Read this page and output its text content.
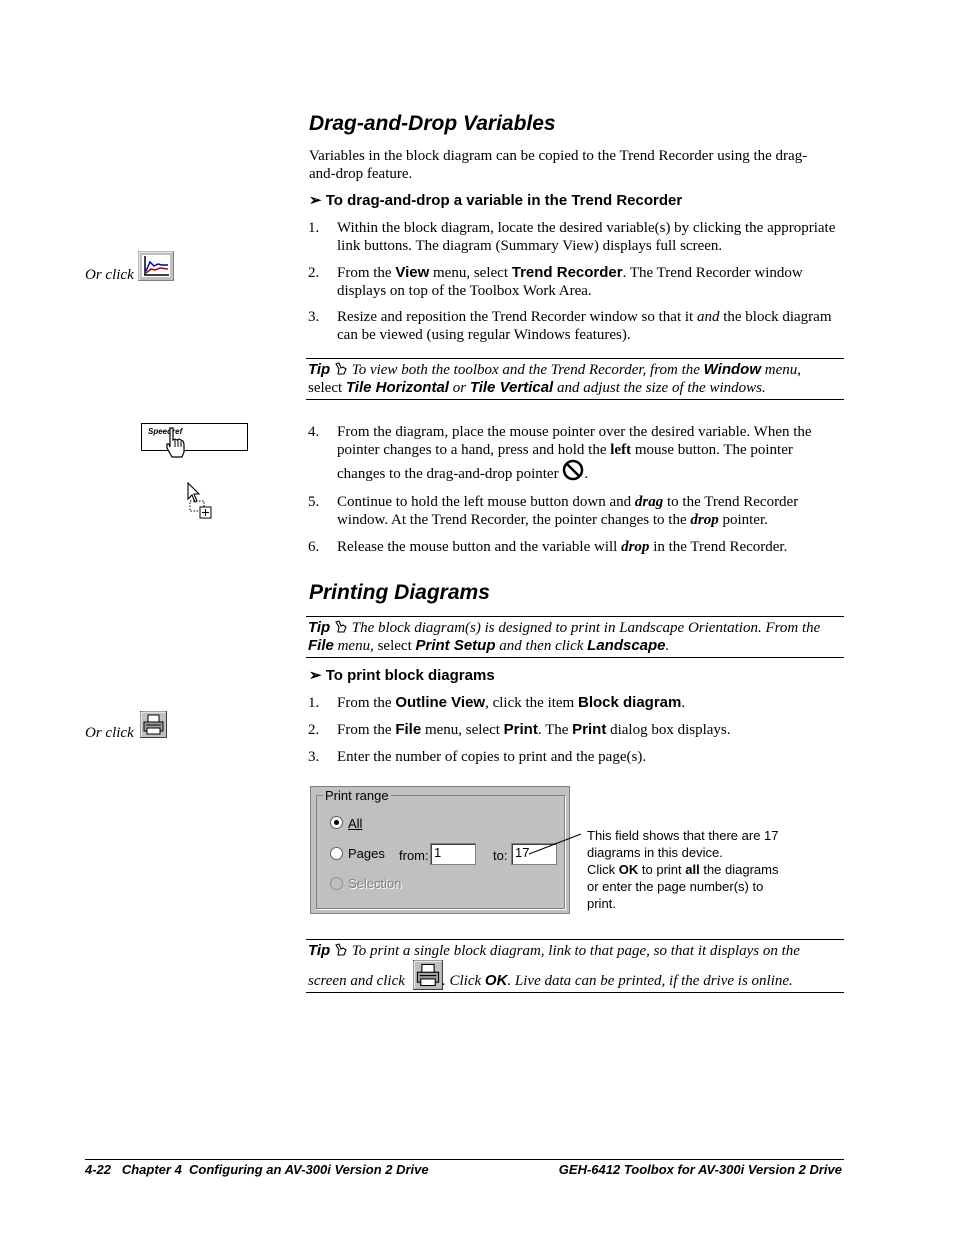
Drag-and-Drop Variables
Variables in the block diagram can be copied to the Trend Recorder using the drag-and-drop feature.
➢ To drag-and-drop a variable in the Trend Recorder
1. Within the block diagram, locate the desired variable(s) by clicking the appropriate link buttons. The diagram (Summary View) displays full screen.
2. From the View menu, select Trend Recorder. The Trend Recorder window displays on top of the Toolbox Work Area.
3. Resize and reposition the Trend Recorder window so that it and the block diagram can be viewed (using regular Windows features).
Or click
Tip  To view both the toolbox and the Trend Recorder, from the Window menu,
select Tile Horizontal or Tile Vertical and adjust the size of the windows.
Speedref	4. From the diagram, place the mouse pointer over the desired variable. When the pointer changes to a hand, press and hold the left mouse button. The pointer changes to the drag-and-drop pointer .
5. Continue to hold the left mouse button down and drag to the Trend Recorder window. At the Trend Recorder, the pointer changes to the drop pointer.
6. Release the mouse button and the variable will drop in the Trend Recorder.
Printing Diagrams
Tip  The block diagram(s) is designed to print in Landscape Orientation. From the File menu, select Print Setup and then click Landscape.
➢ To print block diagrams
1. From the Outline View, click the item Block diagram.
2. From the File menu, select Print. The Print dialog box displays.
3. Enter the number of copies to print and the page(s).
Or click
Print range
All
Pages from: 1	to: 17
Selection
This field shows that there are 17
diagrams in this device.
Click OK to print all the diagrams
or enter the page number(s) to
print.
Tip  To print a single block diagram, link to that page, so that it displays on the
screen and click . Click OK. Live data can be printed, if the drive is online.
4-22   Chapter 4  Configuring an AV-300i Version 2 Drive	GEH-6412 Toolbox for AV-300i Version 2 Drive
